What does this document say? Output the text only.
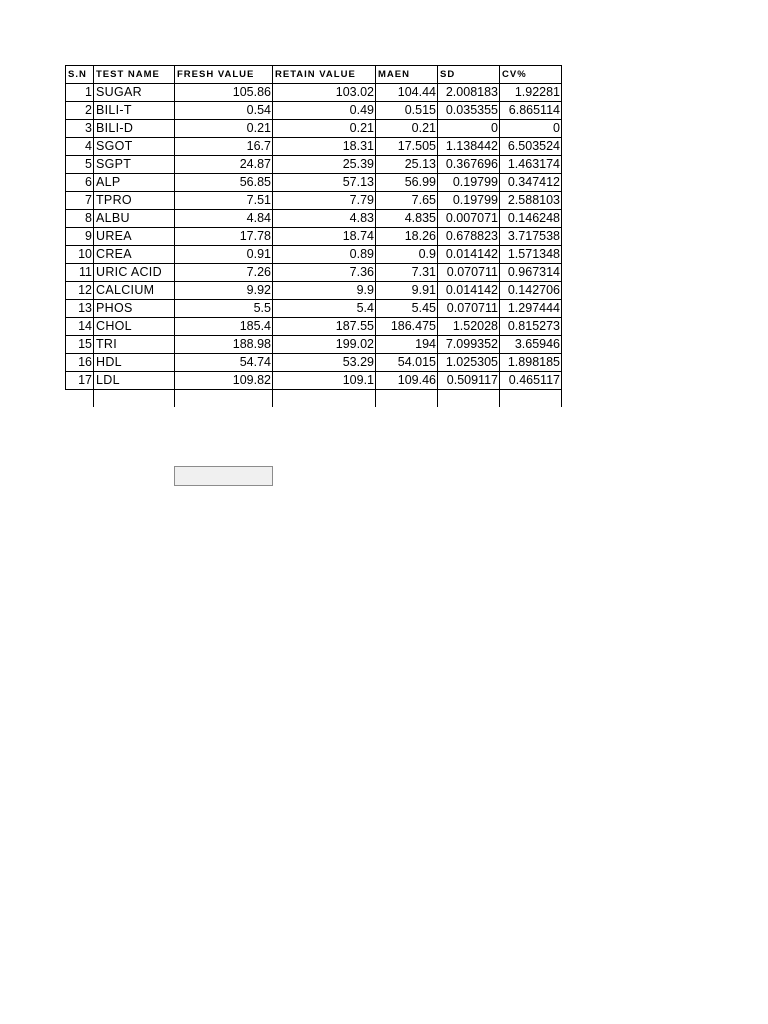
S.N	TEST NAME	FRESH VALUE	RETAIN VALUE	MAEN	SD	CV%
1	SUGAR	105.86	103.02	104.44	2.008183	1.92281
2	BILI-T	0.54	0.49	0.515	0.035355	6.865114
3	BILI-D	0.21	0.21	0.21	0	0
4	SGOT	16.7	18.31	17.505	1.138442	6.503524
5	SGPT	24.87	25.39	25.13	0.367696	1.463174
6	ALP	56.85	57.13	56.99	0.19799	0.347412
7	TPRO	7.51	7.79	7.65	0.19799	2.588103
8	ALBU	4.84	4.83	4.835	0.007071	0.146248
9	UREA	17.78	18.74	18.26	0.678823	3.717538
10	CREA	0.91	0.89	0.9	0.014142	1.571348
11	URIC ACID	7.26	7.36	7.31	0.070711	0.967314
12	CALCIUM	9.92	9.9	9.91	0.014142	0.142706
13	PHOS	5.5	5.4	5.45	0.070711	1.297444
14	CHOL	185.4	187.55	186.475	1.52028	0.815273
15	TRI	188.98	199.02	194	7.099352	3.65946
16	HDL	54.74	53.29	54.015	1.025305	1.898185
17	LDL	109.82	109.1	109.46	0.509117	0.465117
